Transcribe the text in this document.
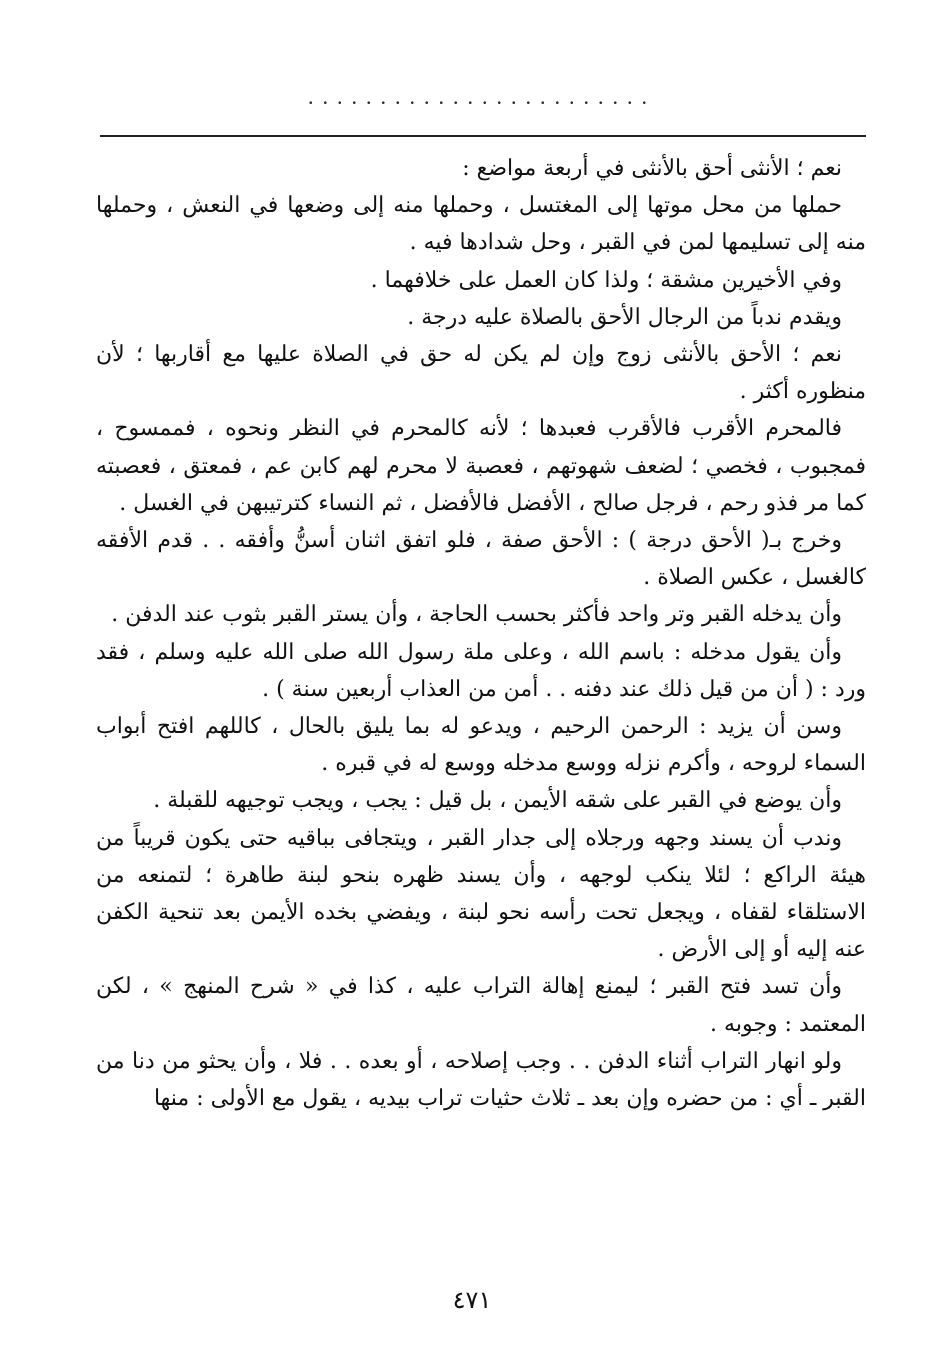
........................

نعم ؛ الأنثى أحق بالأنثى في أربعة مواضع :

حملها من محل موتها إلى المغتسل ، وحملها منه إلى وضعها في النعش ، وحملها منه إلى تسليمها لمن في القبر ، وحل شدادها فيه .

وفي الأخيرين مشقة ؛ ولذا كان العمل على خلافهما .

ويقدم ندباً من الرجال الأحق بالصلاة عليه درجة .

نعم ؛ الأحق بالأنثى زوج وإن لم يكن له حق في الصلاة عليها مع أقاربها ؛ لأن منظوره أكثر .

فالمحرم الأقرب فالأقرب فعبدها ؛ لأنه كالمحرم في النظر ونحوه ، فممسوح ، فمجبوب ، فخصي ؛ لضعف شهوتهم ، فعصبة لا محرم لهم كابن عم ، فمعتق ، فعصبته كما مر فذو رحم ، فرجل صالح ، الأفضل فالأفضل ، ثم النساء كترتيبهن في الغسل .

وخرج بـ( الأحق درجة ) : الأحق صفة ، فلو اتفق اثنان أسنُّ وأفقه . . قدم الأفقه كالغسل ، عكس الصلاة .

وأن يدخله القبر وتر واحد فأكثر بحسب الحاجة ، وأن يستر القبر بثوب عند الدفن .

وأن يقول مدخله : باسم الله ، وعلى ملة رسول الله صلى الله عليه وسلم ، فقد ورد : ( أن من قيل ذلك عند دفنه . . أمن من العذاب أربعين سنة ) .

وسن أن يزيد : الرحمن الرحيم ، ويدعو له بما يليق بالحال ، كاللهم افتح أبواب السماء لروحه ، وأكرم نزله ووسع مدخله ووسع له في قبره .

وأن يوضع في القبر على شقه الأيمن ، بل قيل : يجب ، ويجب توجيهه للقبلة .

وندب أن يسند وجهه ورجلاه إلى جدار القبر ، ويتجافى بباقيه حتى يكون قريباً من هيئة الراكع ؛ لئلا ينكب لوجهه ، وأن يسند ظهره بنحو لبنة طاهرة ؛ لتمنعه من الاستلقاء لقفاه ، ويجعل تحت رأسه نحو لبنة ، ويفضي بخده الأيمن بعد تنحية الكفن عنه إليه أو إلى الأرض .

وأن تسد فتح القبر ؛ ليمنع إهالة التراب عليه ، كذا في « شرح المنهج » ، لكن المعتمد : وجوبه .

ولو انهار التراب أثناء الدفن . . وجب إصلاحه ، أو بعده . . فلا ، وأن يحثو من دنا من القبر ـ أي : من حضره وإن بعد ـ ثلاث حثيات تراب بيديه ، يقول مع الأولى : منها

٤٧١
